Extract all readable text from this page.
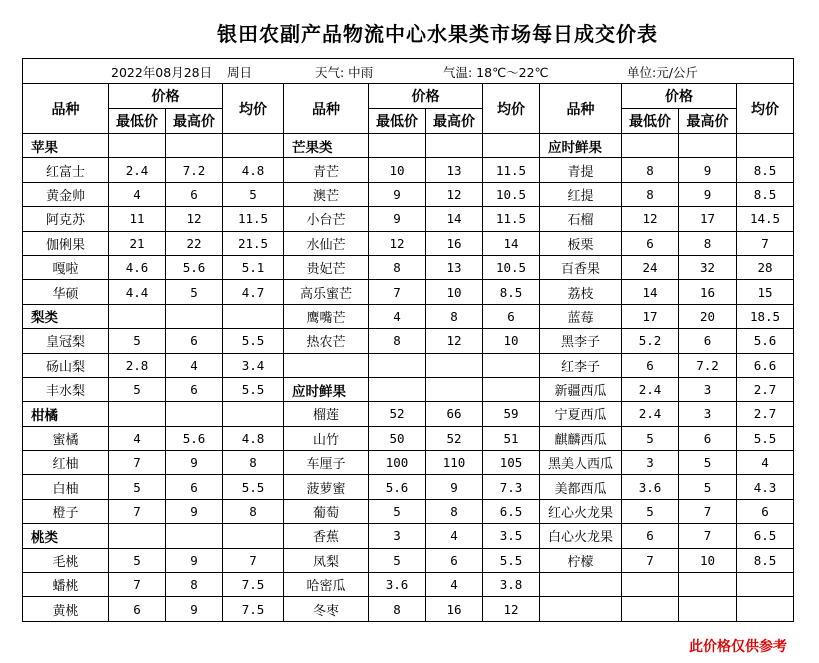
银田农副产品物流中心水果类市场每日成交价表
2022年08月28日 周日 天气: 中雨 气温: 18℃～22℃ 单位:元/公斤											

品种	价格		均价	品种	价格		均价	品种	价格		均价
	最低价	最高价			最低价	最高价			最低价	最高价	
苹果				芒果类				应时鲜果			
红富士	2.4	7.2	4.8	青芒	10	13	11.5	青提	8	9	8.5
黄金帅	4	6	5	澳芒	9	12	10.5	红提	8	9	8.5
阿克苏	11	12	11.5	小台芒	9	14	11.5	石榴	12	17	14.5
伽俐果	21	22	21.5	水仙芒	12	16	14	板栗	6	8	7
嘎啦	4.6	5.6	5.1	贵妃芒	8	13	10.5	百香果	24	32	28
华硕	4.4	5	4.7	高乐蜜芒	7	10	8.5	荔枝	14	16	15
梨类				鹰嘴芒	4	8	6	蓝莓	17	20	18.5
皇冠梨	5	6	5.5	热农芒	8	12	10	黑李子	5.2	6	5.6
砀山梨	2.8	4	3.4					红李子	6	7.2	6.6
丰水梨	5	6	5.5	应时鲜果				新疆西瓜	2.4	3	2.7
柑橘				榴莲	52	66	59	宁夏西瓜	2.4	3	2.7
蜜橘	4	5.6	4.8	山竹	50	52	51	麒麟西瓜	5	6	5.5
红柚	7	9	8	车厘子	100	110	105	黑美人西瓜	3	5	4
白柚	5	6	5.5	菠萝蜜	5.6	9	7.3	美都西瓜	3.6	5	4.3
橙子	7	9	8	葡萄	5	8	6.5	红心火龙果	5	7	6
桃类				香蕉	3	4	3.5	白心火龙果	6	7	6.5
毛桃	5	9	7	凤梨	5	6	5.5	柠檬	7	10	8.5
蟠桃	7	8	7.5	哈密瓜	3.6	4	3.8				
黄桃	6	9	7.5	冬枣	8	16	12				
此价格仅供参考
